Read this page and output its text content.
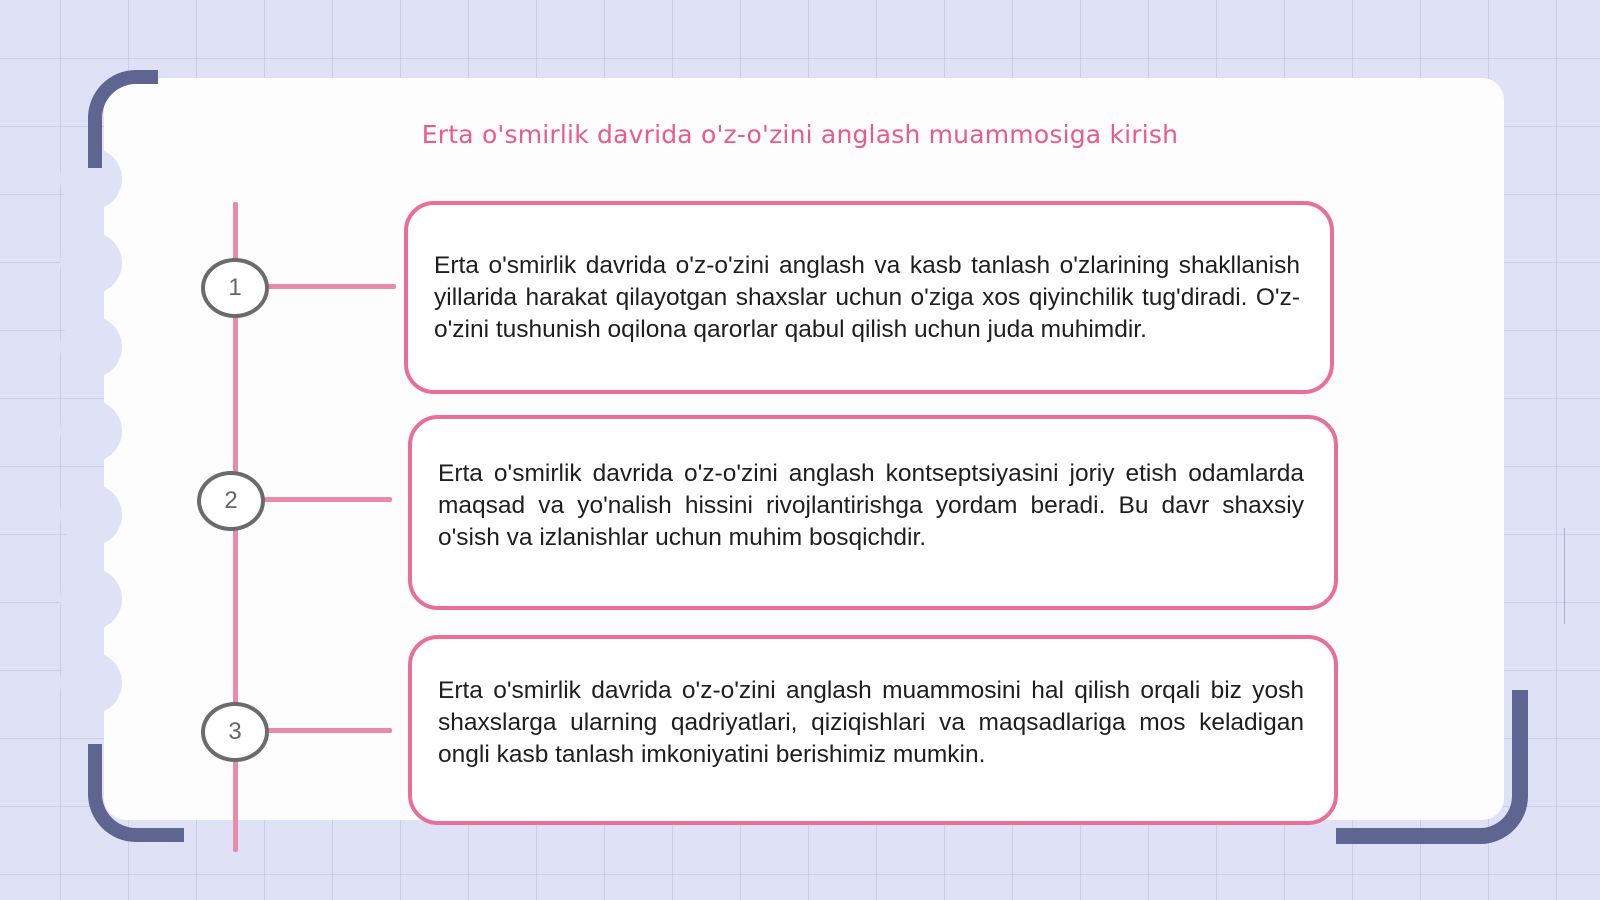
Erta o'smirlik davrida o'z-o'zini anglash muammosiga kirish
1

Erta o'smirlik davrida o'z-o'zini anglash va kasb tanlash o'zlarining shakllanish yillarida harakat qilayotgan shaxslar uchun o'ziga xos qiyinchilik tug'diradi. O'z-o'zini tushunish oqilona qarorlar qabul qilish uchun juda muhimdir.

2

Erta o'smirlik davrida o'z-o'zini anglash kontseptsiyasini joriy etish odamlarda maqsad va yo'nalish hissini rivojlantirishga yordam beradi. Bu davr shaxsiy o'sish va izlanishlar uchun muhim bosqichdir.

3

Erta o'smirlik davrida o'z-o'zini anglash muammosini hal qilish orqali biz yosh shaxslarga ularning qadriyatlari, qiziqishlari va maqsadlariga mos keladigan ongli kasb tanlash imkoniyatini berishimiz mumkin.
